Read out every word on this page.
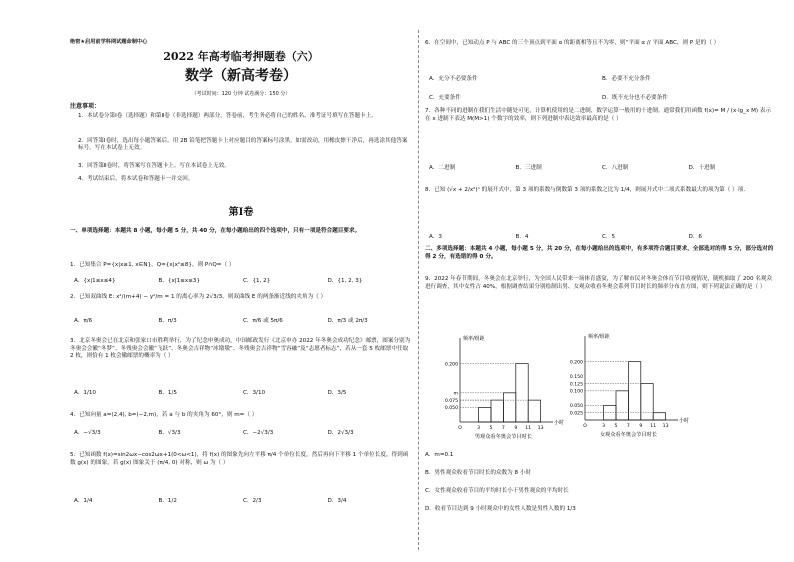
绝密★启用前学科网试题命制中心
2022 年高考临考押题卷（六）
数学（新高考卷）
（考试时间：120 分钟 试卷满分：150 分）
注意事项：
1．本试卷分第Ⅰ卷（选择题）和第Ⅱ卷（非选择题）两部分。答卷前，考生务必将自己的姓名、准考证号填写在答题卡上。
2．回答第Ⅰ卷时，选出每小题答案后，用 2B 铅笔把答题卡上对应题目的答案标号涂黑。如需改动，用橡皮擦干净后，再选涂其他答案标号。写在本试卷上无效。
3．回答第Ⅱ卷时，将答案写在答题卡上。写在本试卷上无效。
4．考试结束后，将本试卷和答题卡一并交回。
第Ⅰ卷
一、单项选择题：本题共 8 小题，每小题 5 分，共 40 分，在每小题给出的四个选项中，只有一项是符合题目要求。
1．已知集合 P={x|x≥1, x∈N}，Q={x|x²≤8}，则 P∩Q=（ ）
A．{x|1≤x≤4}	B．{x|1≤x≤3}	C．{1, 2}	D．{1, 2, 3}
2．已知双曲线 E: x²/(m+4) − y²/m = 1 的离心率为 2√3/3，则双曲线 E 的两条渐近线的夹角为（ ）
A．π/6	B．π/3	C．π/6 或 5π/6	D．π/3 或 2π/3
3．北京冬奥会已在北京和张家口市胜利举行，为了纪念申奥成功，中国邮政发行《北京申办 2022 年冬奥会成功纪念》邮票，图案分别为冬奥会会徽“冬梦”、冬残奥会会徽“飞跃”、冬奥会吉祥物“冰墩墩”、冬残奥会吉祥物“雪容融”及“志愿者标志”，若从一套 5 枚邮票中任取 2 枚，则恰有 1 枚会徽邮票的概率为（ ）
A．1/10	B．1/5	C．3/10	D．3/5
4．已知向量 a=(2,4), b=(−2,m)，若 a 与 b 的夹角为 60°，则 m=（ ）
A．−√3/3	B．√3/3	C．−2√3/3	D．2√3/3
5．已知函数 f(x)=sin2ωx−cos2ωx+1(0<ω<1)，将 f(x) 的图象先向左平移 π/4 个单位长度，然后再向下平移 1 个单位长度，得到函数 g(x) 的图象，若 g(x) 图象关于 (π/4, 0) 对称，则 ω 为（ ）
A．1/4	B．1/2	C．2/3	D．3/4
6．在空间中，已知动点 P 与 ABC 的三个顶点到平面 α 的距离相等且不为零，则“平面 α // 平面 ABC，则 P 是的（ ）
A．充分不必要条件	B．必要不充分条件
C．充要条件	D．既不充分也不必要条件
7．各种不同的进制在我们生活中随处可见，计算机使用的是二进制，数学运算一般用的十进制。通常我们用函数 f(x)= M / (x·lg_x M) 表示在 x 进制下表达 M(M>1) 个数字的效率，则下列进制中表达效率最高的是（ ）
A．二进制	B．三进制	C．八进制	D．十进制
8．已知 (√x + 2/x²)ⁿ 的展开式中，第 3 项的系数与倒数第 3 项的系数之比为 1/4，则展开式中二项式系数最大的项为第（ ）项.
A．3	B．4	C．5	D．6
二、多项选择题：本题共 4 小题，每小题 5 分，共 20 分，在每小题给出的选项中，有多项符合题目要求，全部选对的得 5 分，部分选对的得 2 分，有选错的得 0 分。
9．2022 年春节期间，冬奥会在北京举行，为全国人民带来一场体育盛宴，为了解市民对冬奥会体育节目收视情况，随机抽取了 200 名观众进行调查，其中女性占 40%，根据调查结果分别绘制出男、女观众收看冬奥会系列节目时长的频率分布直方图，则下列说法正确的是（ ）
频率/组距
小时
0.200
m
0.075
0.050
O	3 5 7 9 11 13
男观众看冬奥会节目时长
频率/组距
小时
0.200
0.150
0.125
0.100
0.050
0.025
O	3 5 7 9 11 13
女观众看冬奥会节目时长
A．m=0.1
B．男性观众收看节目时长的众数为 8 小时
C．女性观众收看节目的平均时长小于男性观众的平均时长
D．收看节目达到 9 小时观众中的女性人数是男性人数的 1/3
